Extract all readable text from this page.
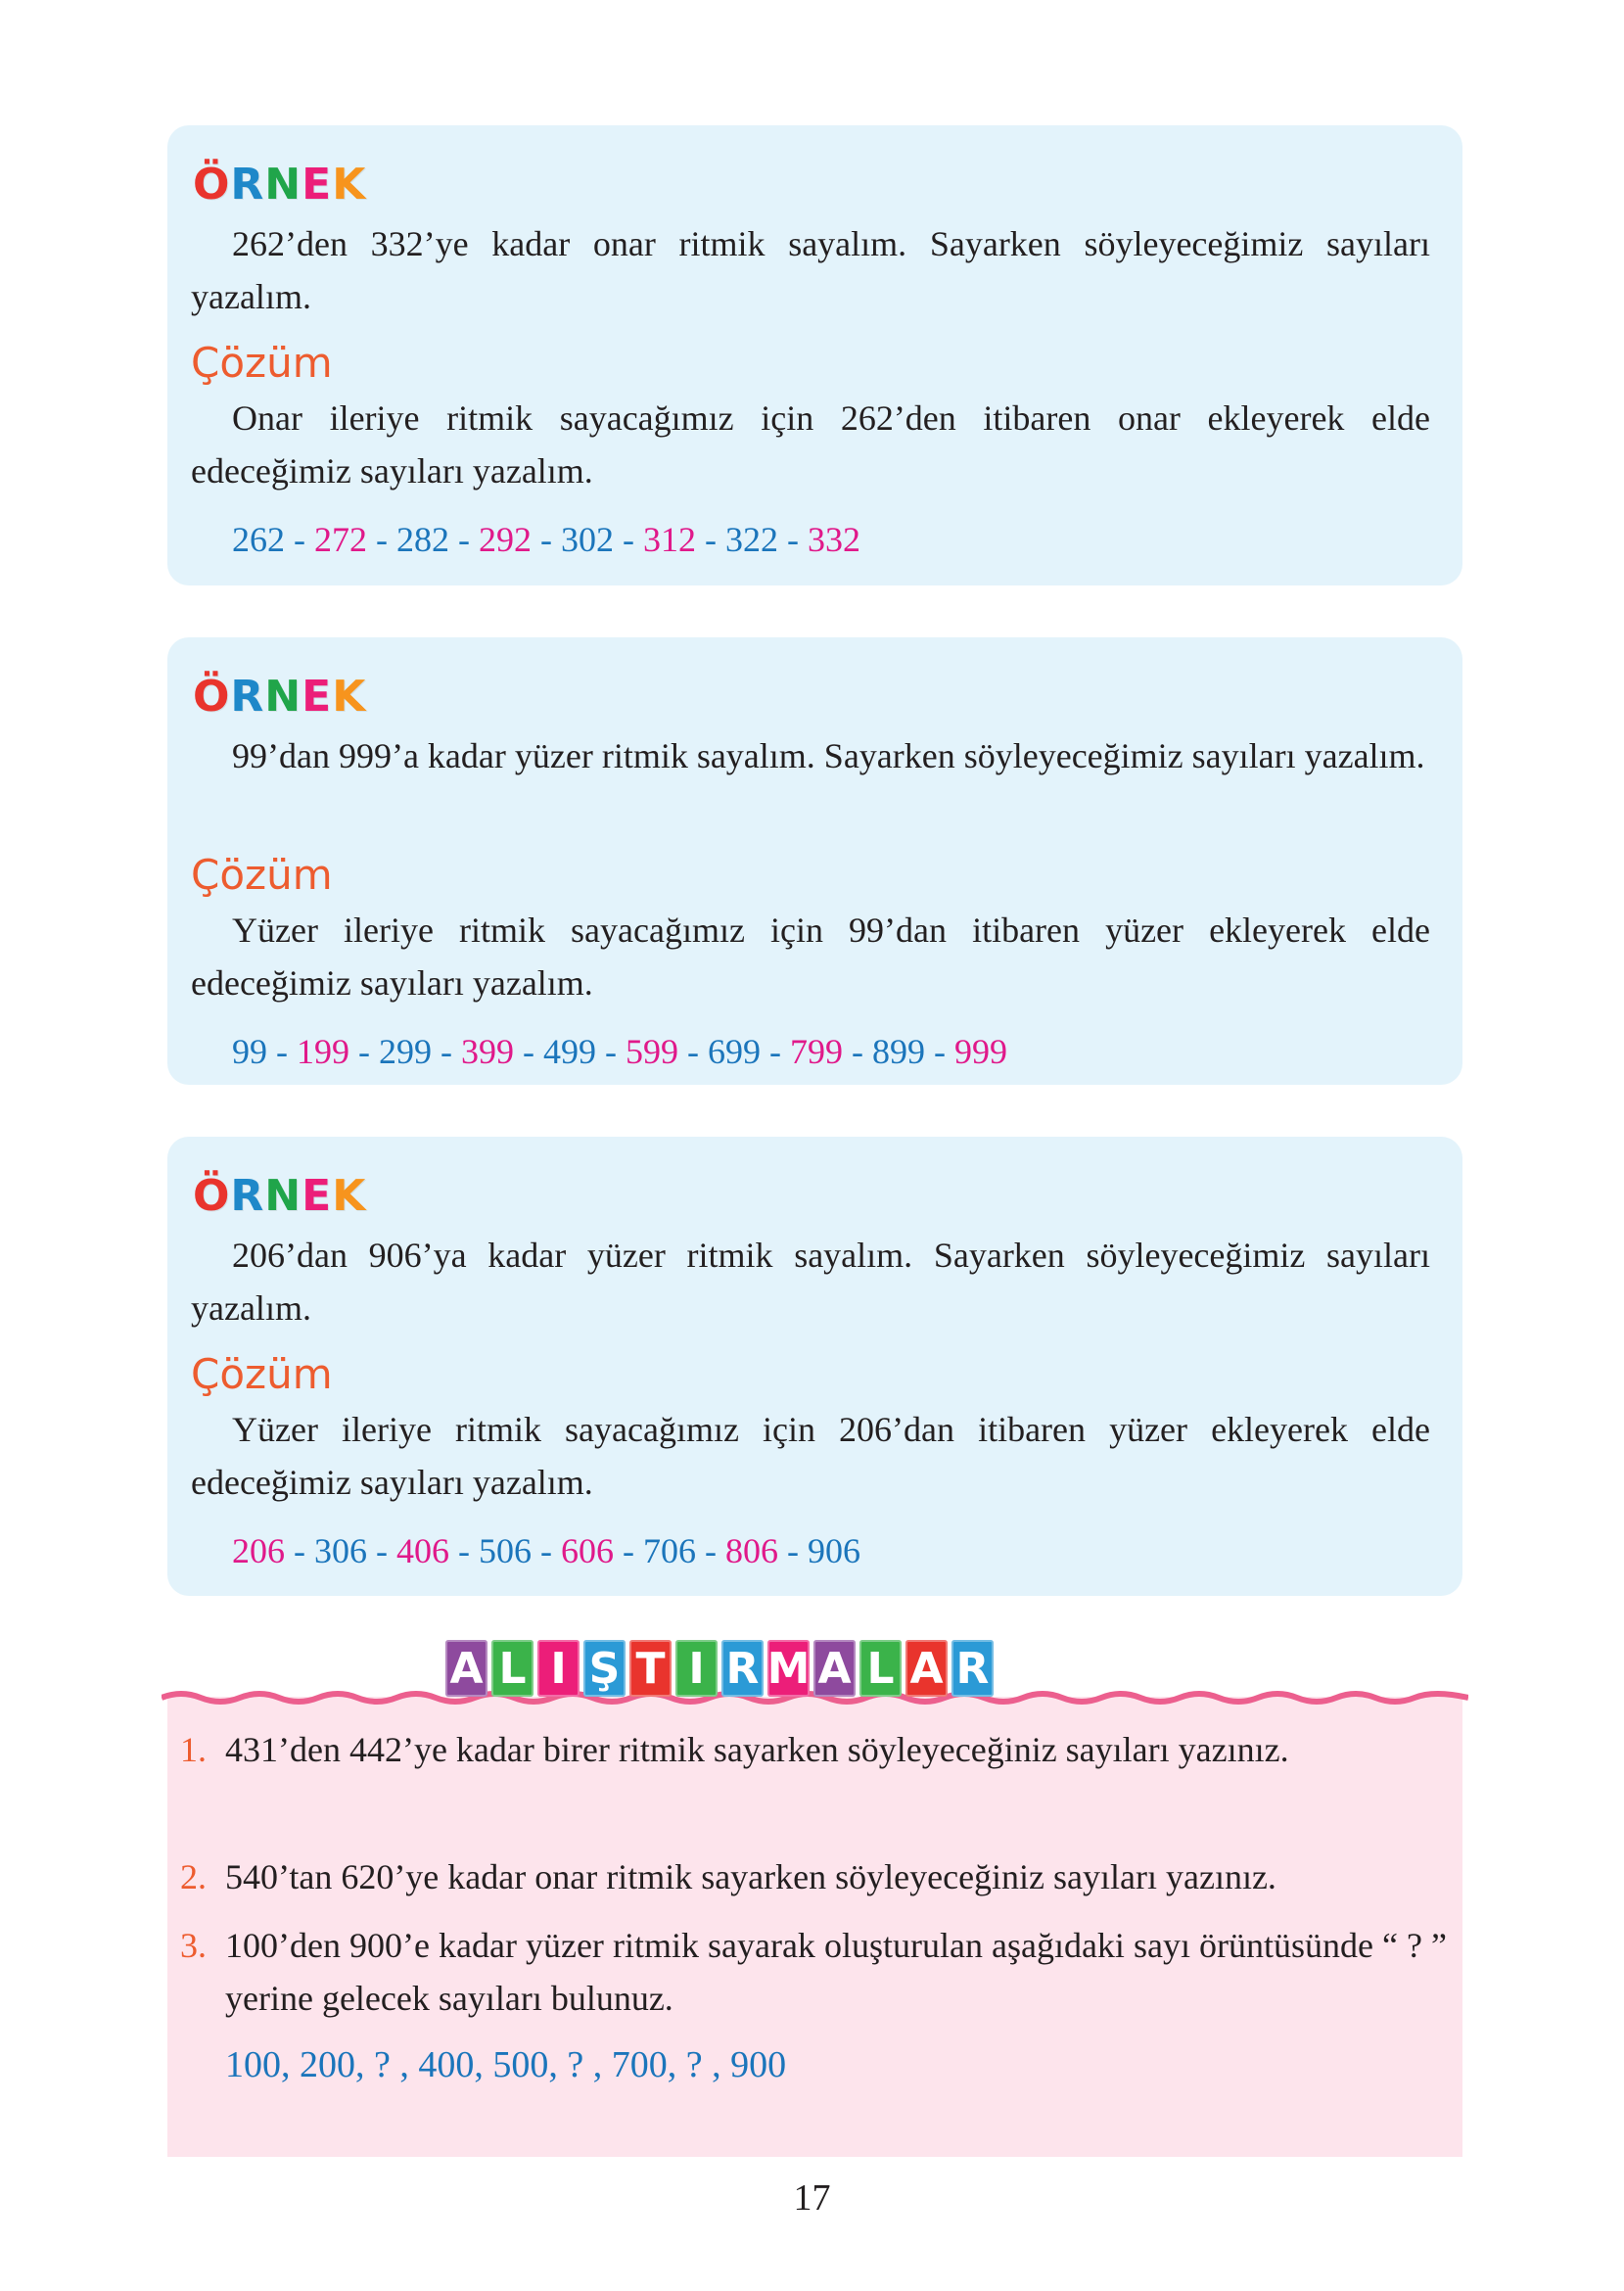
Ö R N E K
262’den 332’ye kadar onar ritmik sayalım. Sayarken söyleyeceğimiz sayıları yazalım.
Çözüm
Onar ileriye ritmik sayacağımız için 262’den itibaren onar ekleyerek elde edeceğimiz sayıları yazalım.
262 - 272 - 282 - 292 - 302 - 312 - 322 - 332
Ö R N E K
99’dan 999’a kadar yüzer ritmik sayalım. Sayarken söyleyeceğimiz sayıları yazalım.
Çözüm
Yüzer ileriye ritmik sayacağımız için 99’dan itibaren yüzer ekleyerek elde edeceğimiz sayıları yazalım.
99 - 199 - 299 - 399 - 499 - 599 - 699 - 799 - 899 - 999
Ö R N E K
206’dan 906’ya kadar yüzer ritmik sayalım. Sayarken söyleyeceğimiz sayıları yazalım.
Çözüm
Yüzer ileriye ritmik sayacağımız için 206’dan itibaren yüzer ekleyerek elde edeceğimiz sayıları yazalım.
206 - 306 - 406 - 506 - 606 - 706 - 806 - 906
A L I Ş T I R M A L A R
1. 431’den 442’ye kadar birer ritmik sayarken söyleyeceğiniz sayıları yazınız.
2. 540’tan 620’ye kadar onar ritmik sayarken söyleyeceğiniz sayıları yazınız.
3. 100’den 900’e kadar yüzer ritmik sayarak oluşturulan aşağıdaki sayı örüntüsünde “ ? ” yerine gelecek sayıları bulunuz.
100, 200, ? , 400, 500, ? , 700, ? , 900
17
